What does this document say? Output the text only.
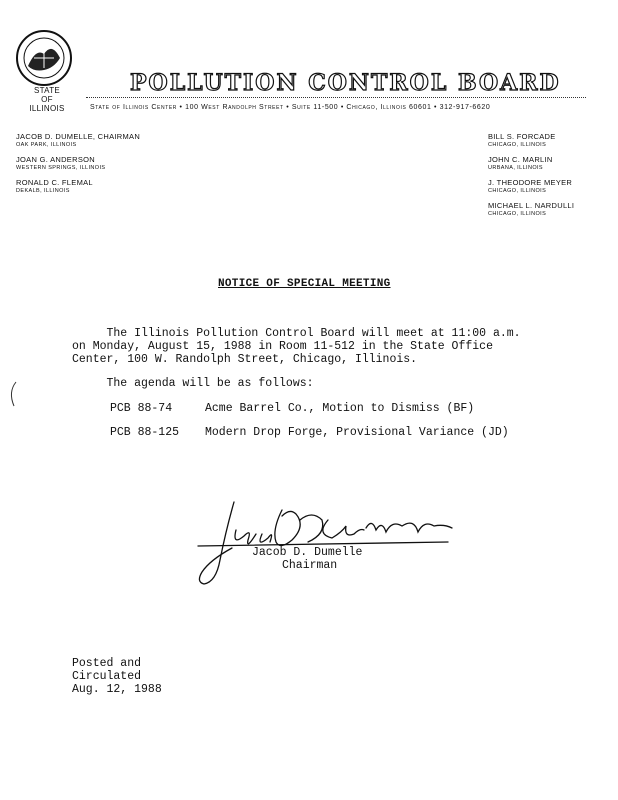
STATE
OF
ILLINOIS
POLLUTION CONTROL BOARD
State of Illinois Center • 100 West Randolph Street • Suite 11-500 • Chicago, Illinois 60601 • 312-917-6620
JACOB D. DUMELLE, CHAIRMAN
OAK PARK, ILLINOIS
JOAN G. ANDERSON
WESTERN SPRINGS, ILLINOIS
RONALD C. FLEMAL
DEKALB, ILLINOIS
BILL S. FORCADE
CHICAGO, ILLINOIS
JOHN C. MARLIN
URBANA, ILLINOIS
J. THEODORE MEYER
CHICAGO, ILLINOIS
MICHAEL L. NARDULLI
CHICAGO, ILLINOIS
NOTICE OF SPECIAL MEETING
The Illinois Pollution Control Board will meet at 11:00 a.m.
on Monday, August 15, 1988 in Room 11-512 in the State Office
Center, 100 W. Randolph Street, Chicago, Illinois.
The agenda will be as follows:
PCB 88-74	Acme Barrel Co., Motion to Dismiss (BF)
PCB 88-125 Modern Drop Forge, Provisional Variance (JD)
Jacob D. Dumelle
Chairman
Posted and
Circulated
Aug. 12, 1988
